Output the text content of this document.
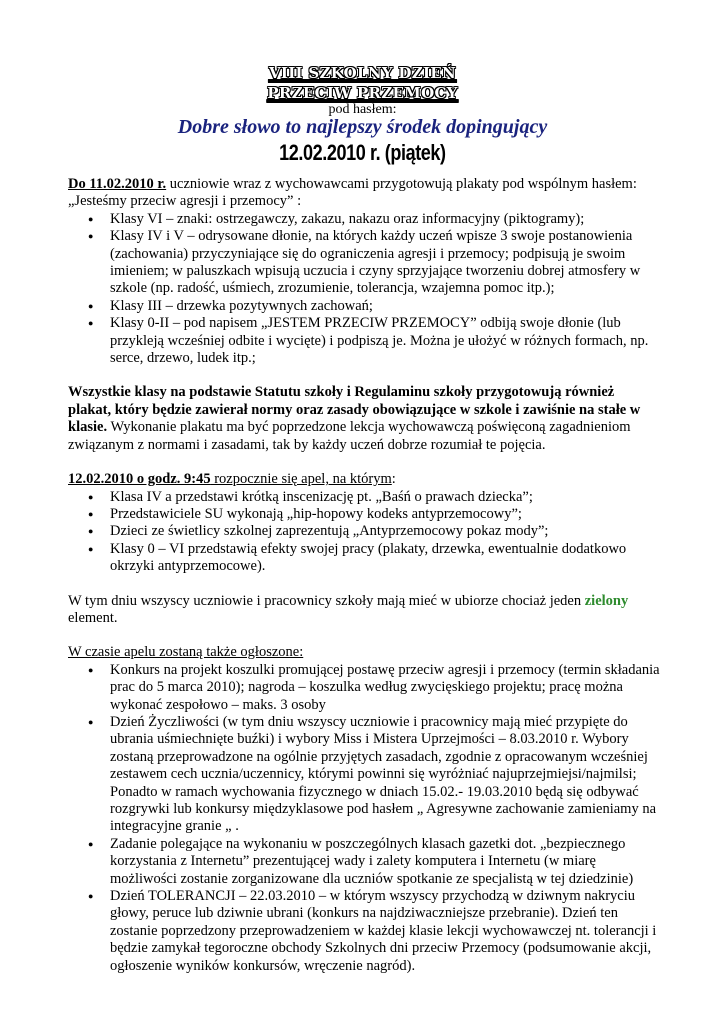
VIII SZKOLNY DZIEŃ
PRZECIW PRZEMOCY
pod hasłem:
Dobre słowo to najlepszy środek dopingujący
12.02.2010 r. (piątek)

Do 11.02.2010 r. uczniowie wraz z wychowawcami przygotowują plakaty pod wspólnym hasłem: „Jesteśmy przeciw agresji i przemocy” :

● Klasy VI – znaki: ostrzegawczy, zakazu, nakazu oraz informacyjny (piktogramy);
● Klasy IV i V – odrysowane dłonie, na których każdy uczeń wpisze 3 swoje postanowienia (zachowania) przyczyniające się do ograniczenia agresji i przemocy; podpisują je swoim imieniem; w paluszkach wpisują uczucia i czyny sprzyjające tworzeniu dobrej atmosfery w szkole (np. radość, uśmiech, zrozumienie, tolerancja, wzajemna pomoc itp.);
● Klasy III – drzewka pozytywnych zachowań;
● Klasy 0-II – pod napisem „JESTEM PRZECIW PRZEMOCY” odbiją swoje dłonie (lub przykleją wcześniej odbite i wycięte) i podpiszą je. Można je ułożyć w różnych formach, np. serce, drzewo, ludek itp.;

Wszystkie klasy na podstawie Statutu szkoły i Regulaminu szkoły przygotowują również plakat, który będzie zawierał normy oraz zasady obowiązujące w szkole i zawiśnie na stałe w klasie. Wykonanie plakatu ma być poprzedzone lekcja wychowawczą poświęconą zagadnieniom związanym z normami i zasadami, tak by każdy uczeń dobrze rozumiał te pojęcia.

12.02.2010 o godz. 9:45 rozpocznie się apel, na którym:

● Klasa IV a przedstawi krótką inscenizację pt. „Baśń o prawach dziecka”;
● Przedstawiciele SU wykonają „hip-hopowy kodeks antyprzemocowy”;
● Dzieci ze świetlicy szkolnej zaprezentują „Antyprzemocowy pokaz mody”;
● Klasy 0 – VI przedstawią efekty swojej pracy (plakaty, drzewka, ewentualnie dodatkowo okrzyki antyprzemocowe).

W tym dniu wszyscy uczniowie i pracownicy szkoły mają mieć w ubiorze chociaż jeden zielony element.

W czasie apelu zostaną także ogłoszone:

● Konkurs na projekt koszulki promującej postawę przeciw agresji i przemocy (termin składania prac do 5 marca 2010); nagroda – koszulka według zwycięskiego projektu; pracę można wykonać zespołowo – maks. 3 osoby
● Dzień Życzliwości (w tym dniu wszyscy uczniowie i pracownicy mają mieć przypięte do ubrania uśmiechnięte buźki) i wybory Miss i Mistera Uprzejmości – 8.03.2010 r. Wybory zostaną przeprowadzone na ogólnie przyjętych zasadach, zgodnie z opracowanym wcześniej zestawem cech ucznia/uczennicy, którymi powinni się wyróżniać najuprzejmiejsi/najmilsi; Ponadto w ramach wychowania fizycznego w dniach 15.02.- 19.03.2010 będą się odbywać rozgrywki lub konkursy międzyklasowe pod hasłem „ Agresywne zachowanie zamieniamy na integracyjne granie „ .
● Zadanie polegające na wykonaniu w poszczególnych klasach gazetki dot. „bezpiecznego korzystania z Internetu” prezentującej wady i zalety komputera i Internetu (w miarę możliwości zostanie zorganizowane dla uczniów spotkanie ze specjalistą w tej dziedzinie)
● Dzień TOLERANCJI – 22.03.2010 – w którym wszyscy przychodzą w dziwnym nakryciu głowy, peruce lub dziwnie ubrani (konkurs na najdziwaczniejsze przebranie). Dzień ten zostanie poprzedzony przeprowadzeniem w każdej klasie lekcji wychowawczej nt. tolerancji i będzie zamykał tegoroczne obchody Szkolnych dni przeciw Przemocy (podsumowanie akcji, ogłoszenie wyników konkursów, wręczenie nagród).
